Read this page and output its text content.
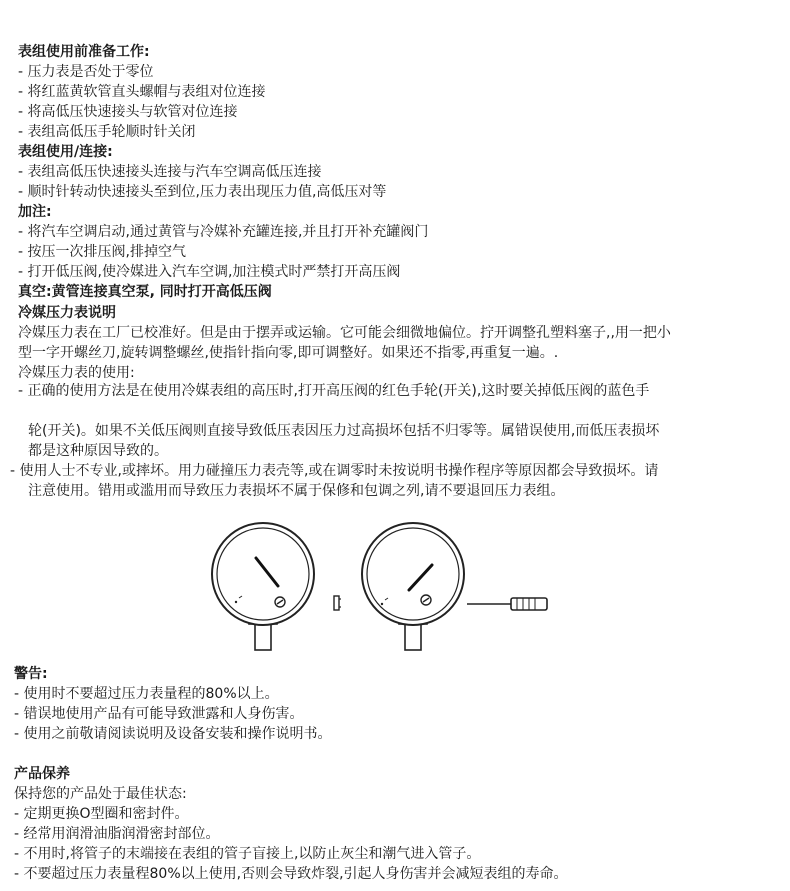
表组使用前准备工作:
- 压力表是否处于零位
- 将红蓝黄软管直头螺帽与表组对位连接
- 将高低压快速接头与软管对位连接
- 表组高低压手轮顺时针关闭
表组使用/连接:
- 表组高低压快速接头连接与汽车空调高低压连接
- 顺时针转动快速接头至到位,压力表出现压力值,高低压对等
加注:
- 将汽车空调启动,通过黄管与冷媒补充罐连接,并且打开补充罐阀门
- 按压一次排压阀,排掉空气
- 打开低压阀,使冷媒进入汽车空调,加注模式时严禁打开高压阀
真空:黄管连接真空泵, 同时打开高低压阀
冷媒压力表说明
冷媒压力表在工厂已校准好。但是由于摆弄或运输。它可能会细微地偏位。拧开调整孔塑料塞子,,用一把小
型一字开螺丝刀,旋转调整螺丝,使指针指向零,即可调整好。如果还不指零,再重复一遍。.
冷媒压力表的使用:
- 正确的使用方法是在使用冷媒表组的高压时,打开高压阀的红色手轮(开关),这时要关掉低压阀的蓝色手
轮(开关)。如果不关低压阀则直接导致低压表因压力过高损坏包括不归零等。属错误使用,而低压表损坏
都是这种原因导致的。
- 使用人士不专业,或摔坏。用力碰撞压力表壳等,或在调零时未按说明书操作程序等原因都会导致损坏。请
注意使用。错用或滥用而导致压力表损坏不属于保修和包调之列,请不要退回压力表组。
警告:
- 使用时不要超过压力表量程的80%以上。
- 错误地使用产品有可能导致泄露和人身伤害。
- 使用之前敬请阅读说明及设备安装和操作说明书。
产品保养
保持您的产品处于最佳状态:
- 定期更换O型圈和密封件。
- 经常用润滑油脂润滑密封部位。
- 不用时,将管子的末端接在表组的管子盲接上,以防止灰尘和潮气进入管子。
- 不要超过压力表量程80%以上使用,否则会导致炸裂,引起人身伤害并会减短表组的寿命。
